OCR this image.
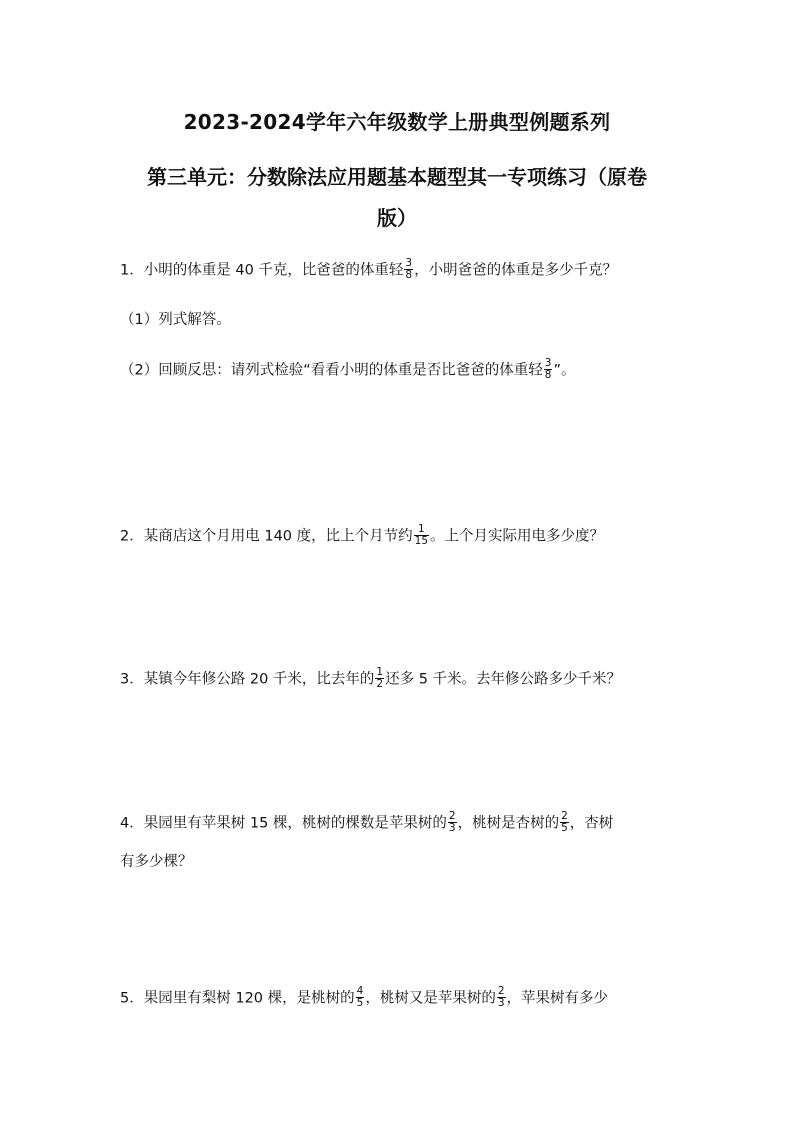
2023-2024学年六年级数学上册典型例题系列
第三单元：分数除法应用题基本题型其一专项练习（原卷
版）
1．小明的体重是 40 千克，比爸爸的体重轻 $\frac{3}{8}$ ，小明爸爸的体重是多少千克？
（1）列式解答。
（2）回顾反思：请列式检验“看看小明的体重是否比爸爸的体重轻 $\frac{3}{8}$ ”。
2．某商店这个月用电 140 度，比上个月节约 $\frac{1}{15}$ 。上个月实际用电多少度？
3．某镇今年修公路 20 千米，比去年的 $\frac{1}{2}$ 还多 5 千米。去年修公路多少千米？
4．果园里有苹果树 15 棵，桃树的棵数是苹果树的 $\frac{2}{3}$ ，桃树是杏树的 $\frac{2}{5}$ ，杏树
有多少棵？
5．果园里有梨树 120 棵，是桃树的 $\frac{4}{5}$ ，桃树又是苹果树的 $\frac{2}{3}$ ，苹果树有多少
